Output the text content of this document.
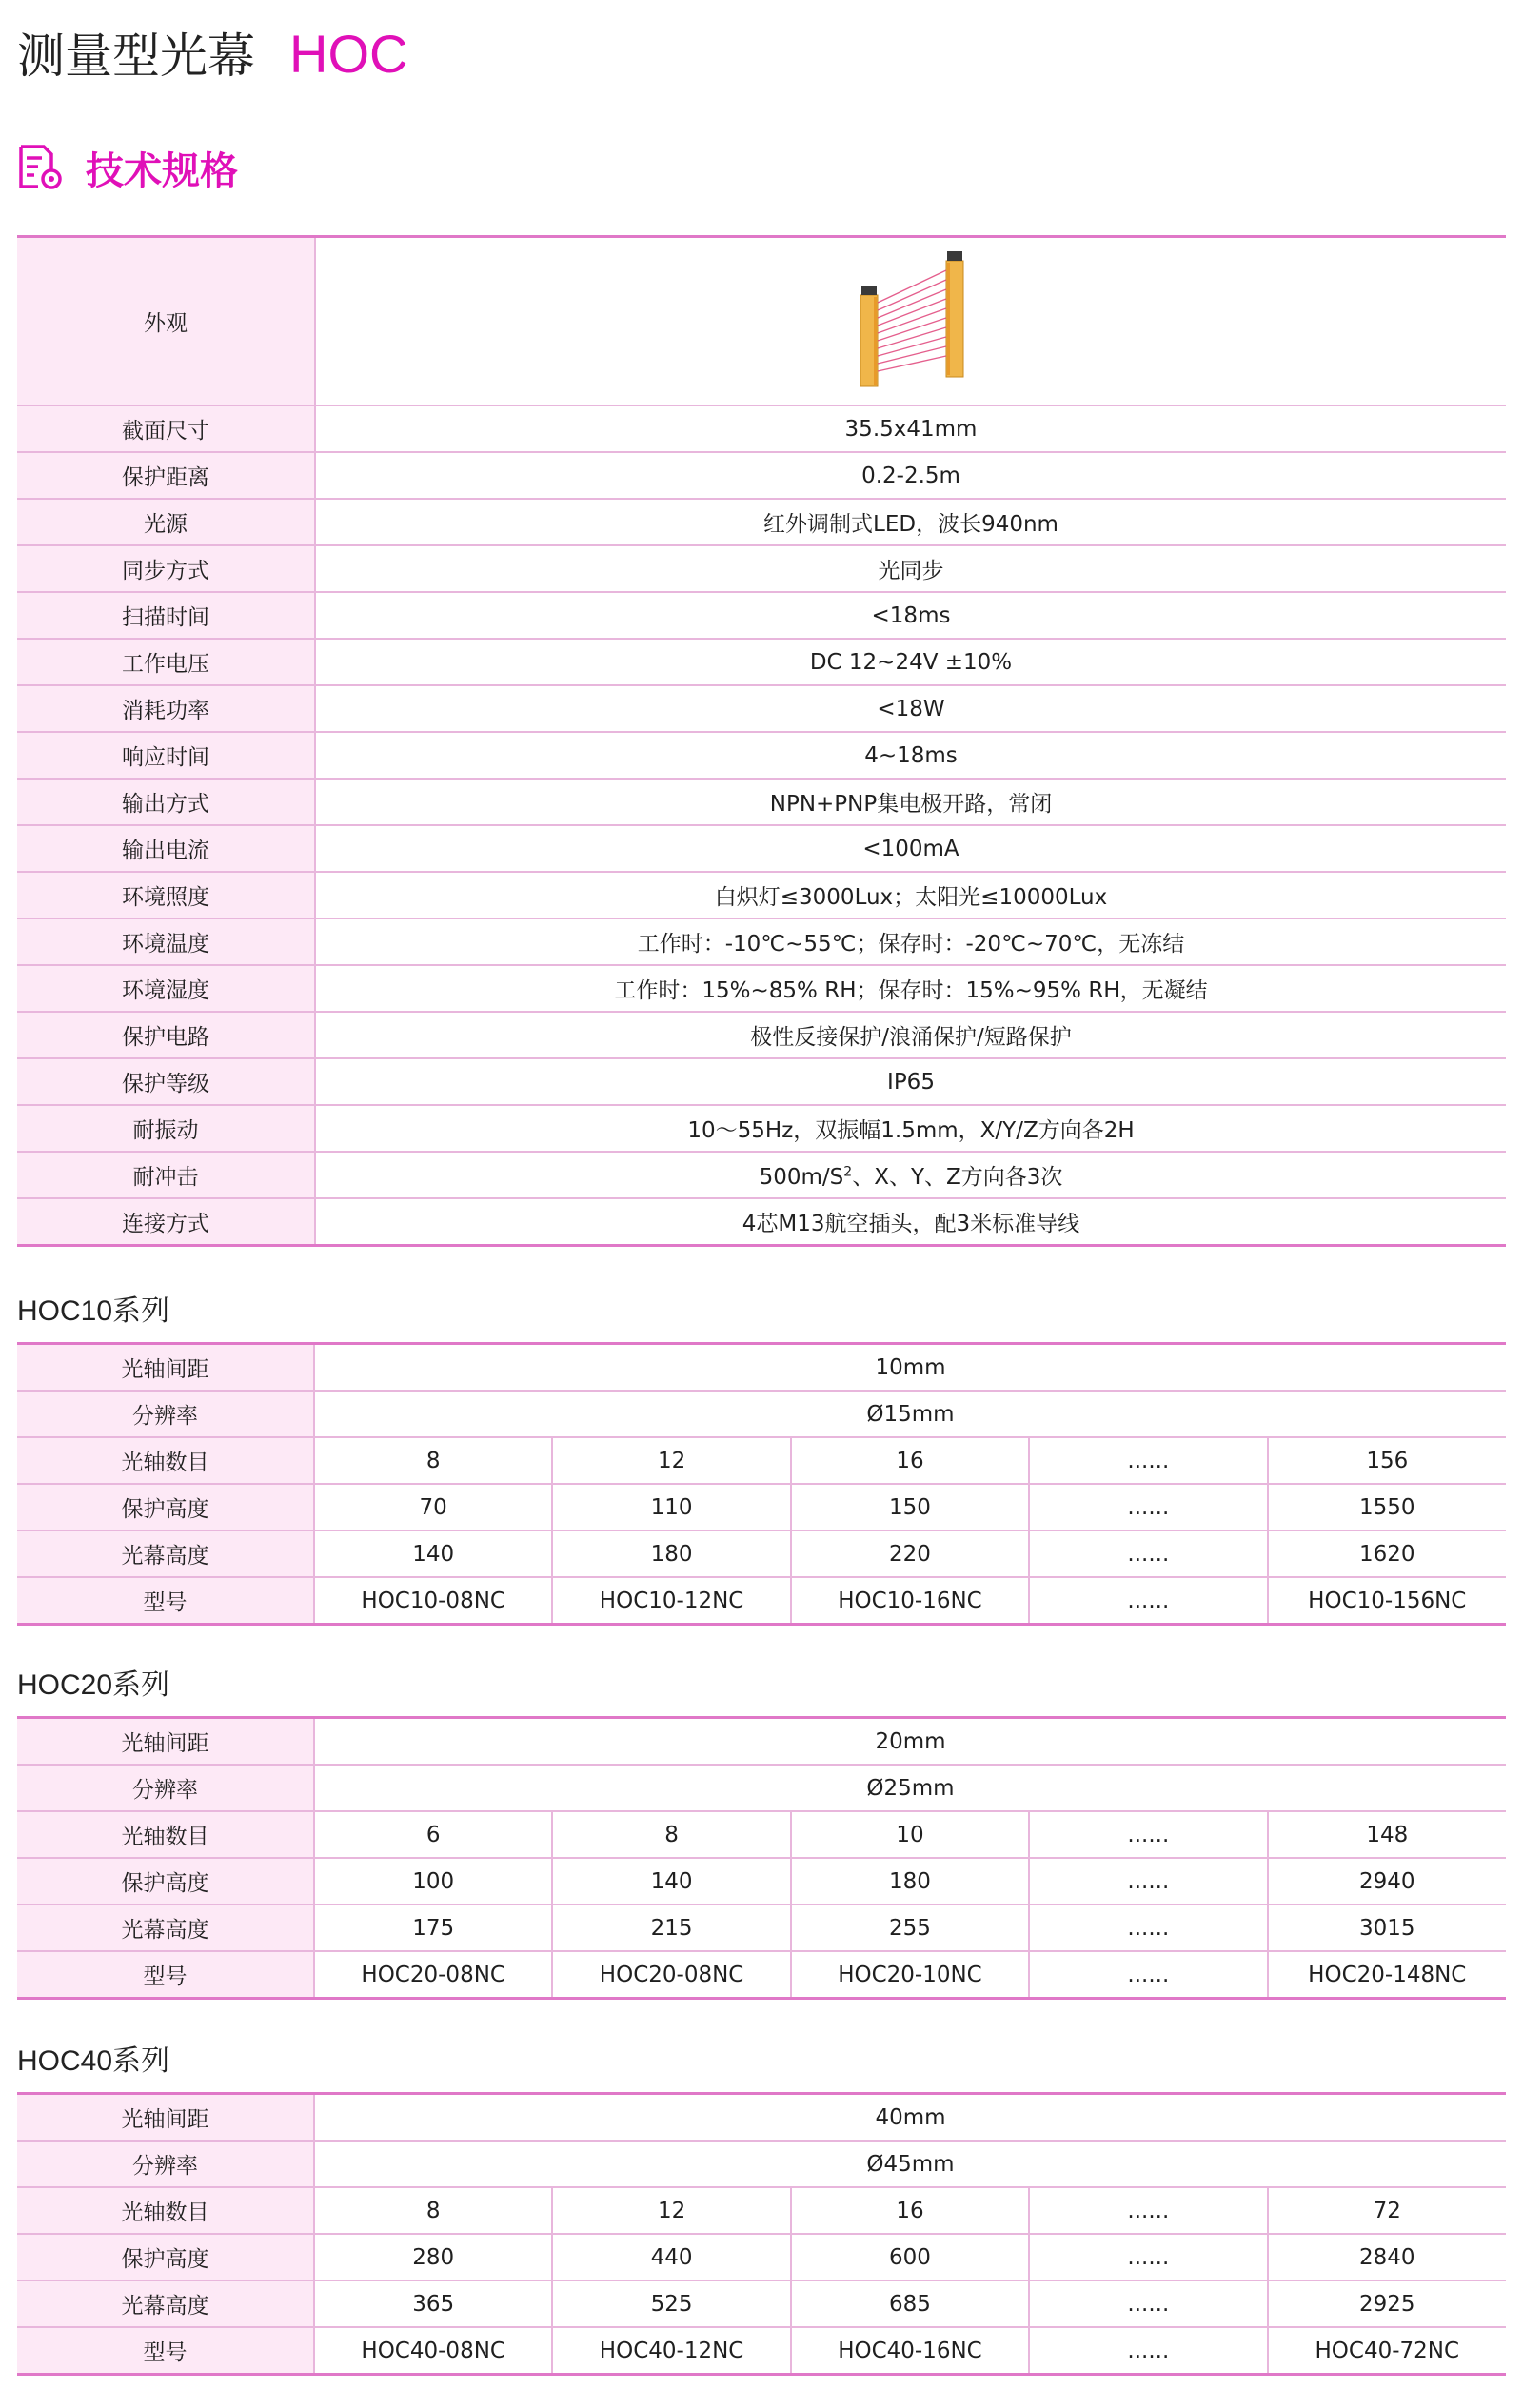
测量型光幕 HOC
技术规格
外观	
截面尺寸	35.5x41mm
保护距离	0.2-2.5m
光源	红外调制式LED，波长940nm
同步方式	光同步
扫描时间	<18ms
工作电压	DC 12~24V ±10%
消耗功率	<18W
响应时间	4~18ms
输出方式	NPN+PNP集电极开路，常闭
输出电流	<100mA
环境照度	白炽灯≤3000Lux；太阳光≤10000Lux
环境温度	工作时：-10℃~55℃；保存时：-20℃~70℃，无冻结
环境湿度	工作时：15%~85% RH；保存时：15%~95% RH，无凝结
保护电路	极性反接保护/浪涌保护/短路保护
保护等级	IP65
耐振动	10～55Hz，双振幅1.5mm，X/Y/Z方向各2H
耐冲击	$500m/S^2$、X、Y、Z方向各3次
连接方式	4芯M13航空插头，配3米标准导线
HOC10系列
光轴间距	10mm				
分辨率	Ø15mm				
光轴数目	8	12	16	......	156
保护高度	70	110	150	......	1550
光幕高度	140	180	220	......	1620
型号	HOC10-08NC	HOC10-12NC	HOC10-16NC	......	HOC10-156NC
HOC20系列
光轴间距	20mm				
分辨率	Ø25mm				
光轴数目	6	8	10	......	148
保护高度	100	140	180	......	2940
光幕高度	175	215	255	......	3015
型号	HOC20-08NC	HOC20-08NC	HOC20-10NC	......	HOC20-148NC
HOC40系列
光轴间距	40mm				
分辨率	Ø45mm				
光轴数目	8	12	16	......	72
保护高度	280	440	600	......	2840
光幕高度	365	525	685	......	2925
型号	HOC40-08NC	HOC40-12NC	HOC40-16NC	......	HOC40-72NC
